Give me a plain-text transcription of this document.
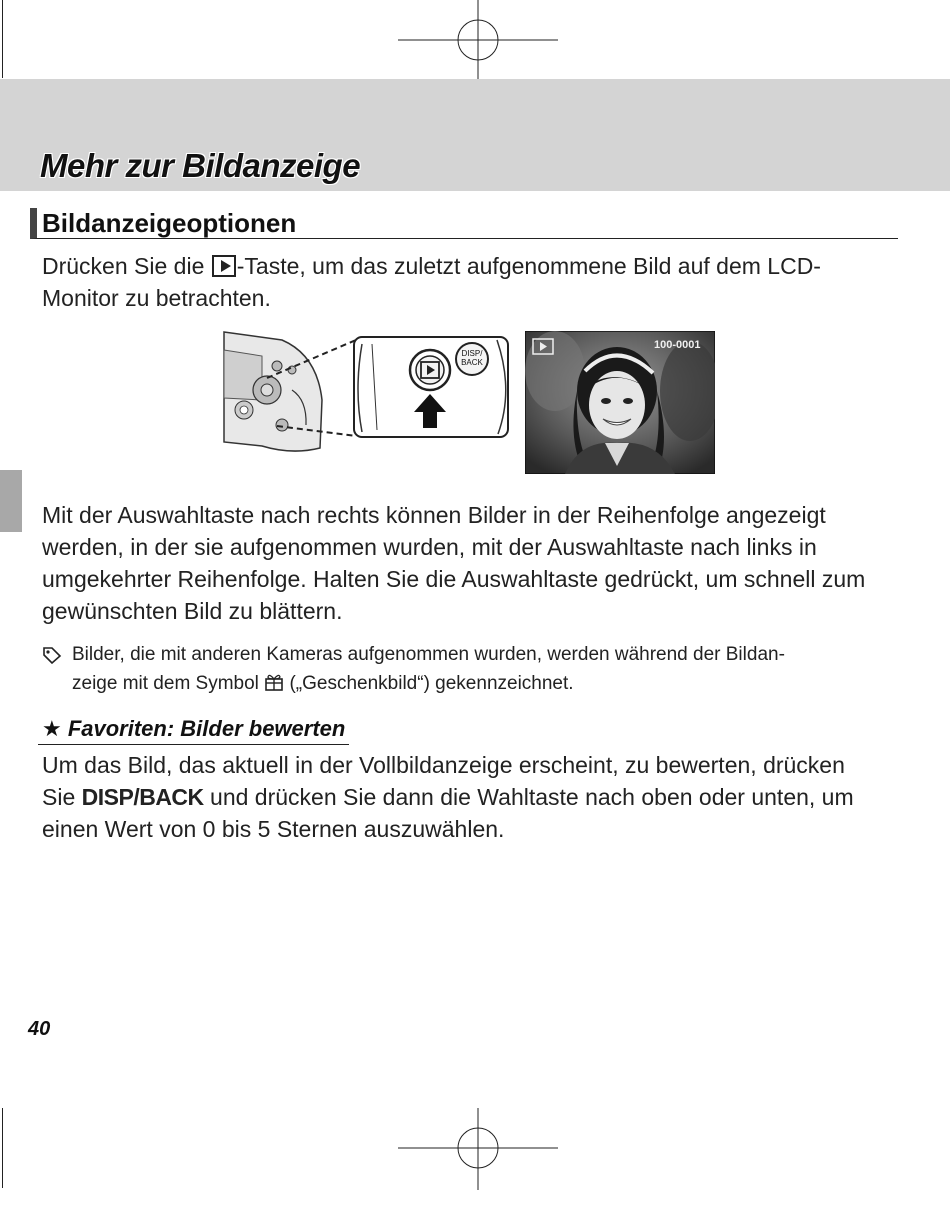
Mehr zur Bildanzeige
Bildanzeigeoptionen

Drücken Sie die -Taste, um das zuletzt aufgenommene Bild auf dem LCD-
Monitor zu betrachten.

DISP/
BACK
100-0001

Mit der Auswahltaste nach rechts können Bilder in der Reihenfolge angezeigt
werden, in der sie aufgenommen wurden, mit der Auswahltaste nach links in
umgekehrter Reihenfolge. Halten Sie die Auswahltaste gedrückt, um schnell zum
gewünschten Bild zu blättern.

Bilder, die mit anderen Kameras aufgenommen wurden, werden während der Bildan-
zeige mit dem Symbol  („Geschenkbild“) gekennzeichnet.

★ Favoriten: Bilder bewerten

Um das Bild, das aktuell in der Vollbildanzeige erscheint, zu bewerten, drücken
Sie DISP/BACK und drücken Sie dann die Wahltaste nach oben oder unten, um
einen Wert von 0 bis 5 Sternen auszuwählen.

40
